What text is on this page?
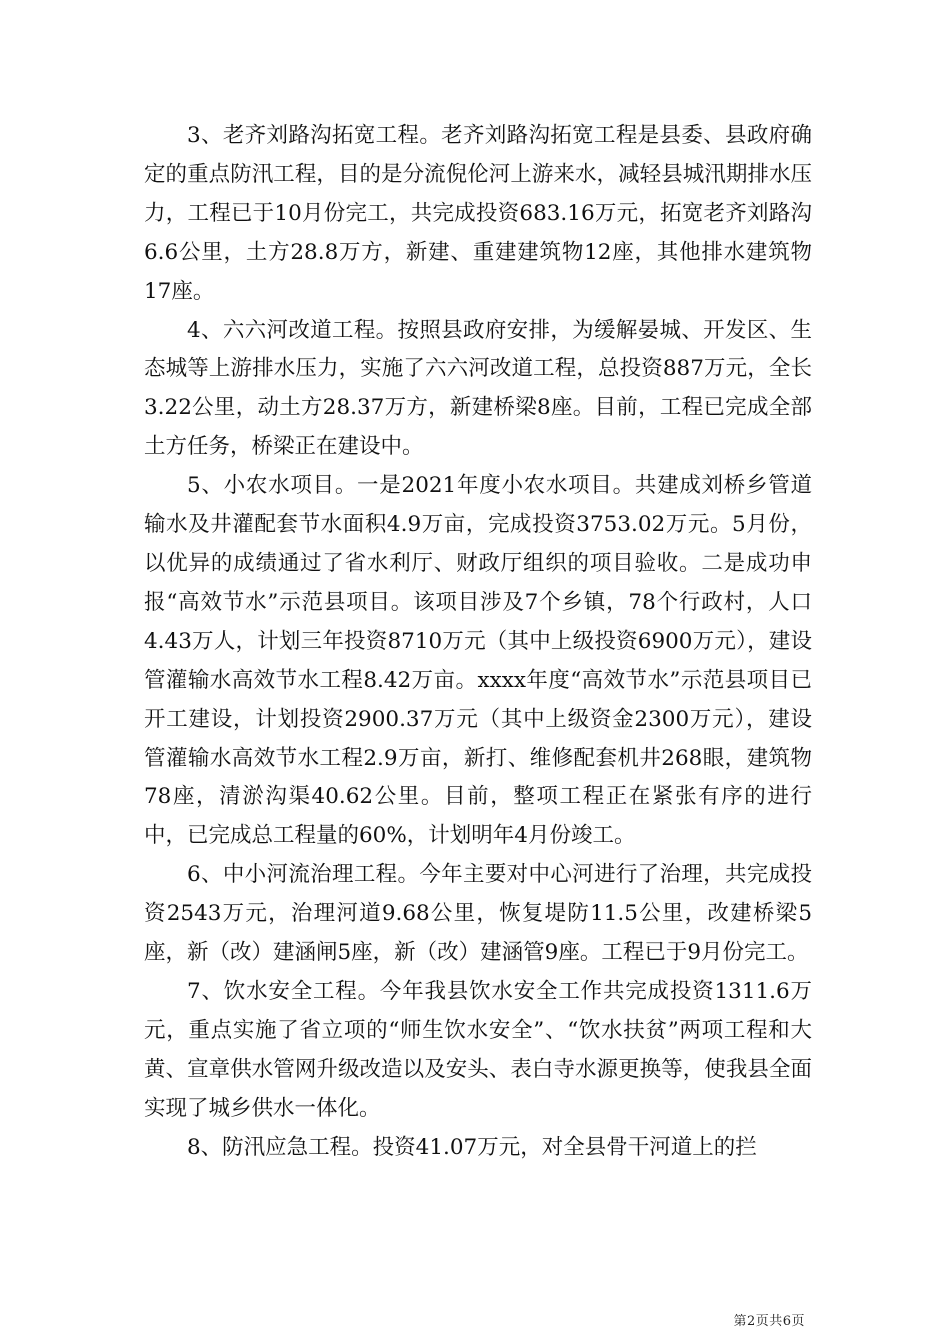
3、老齐刘路沟拓宽工程。老齐刘路沟拓宽工程是县委、县政府确定的重点防汛工程，目的是分流倪伦河上游来水，减轻县城汛期排水压力，工程已于10月份完工，共完成投资683.16万元，拓宽老齐刘路沟6.6公里，土方28.8万方，新建、重建建筑物12座，其他排水建筑物17座。

4、六六河改道工程。按照县政府安排，为缓解晏城、开发区、生态城等上游排水压力，实施了六六河改道工程，总投资887万元，全长3.22公里，动土方28.37万方，新建桥梁8座。目前，工程已完成全部土方任务，桥梁正在建设中。

5、小农水项目。一是2021年度小农水项目。共建成刘桥乡管道输水及井灌配套节水面积4.9万亩，完成投资3753.02万元。5月份，以优异的成绩通过了省水利厅、财政厅组织的项目验收。二是成功申报“高效节水”示范县项目。该项目涉及7个乡镇，78个行政村，人口4.43万人，计划三年投资8710万元（其中上级投资6900万元），建设管灌输水高效节水工程8.42万亩。xxxx年度“高效节水”示范县项目已开工建设，计划投资2900.37万元（其中上级资金2300万元），建设管灌输水高效节水工程2.9万亩，新打、维修配套机井268眼，建筑物78座，清淤沟渠40.62公里。目前，整项工程正在紧张有序的进行中，已完成总工程量的60%，计划明年4月份竣工。

6、中小河流治理工程。今年主要对中心河进行了治理，共完成投资2543万元，治理河道9.68公里，恢复堤防11.5公里，改建桥梁5座，新（改）建涵闸5座，新（改）建涵管9座。工程已于9月份完工。

7、饮水安全工程。今年我县饮水安全工作共完成投资1311.6万元，重点实施了省立项的“师生饮水安全”、“饮水扶贫”两项工程和大黄、宣章供水管网升级改造以及安头、表白寺水源更换等，使我县全面实现了城乡供水一体化。

8、防汛应急工程。投资41.07万元，对全县骨干河道上的拦

第2页共6页
